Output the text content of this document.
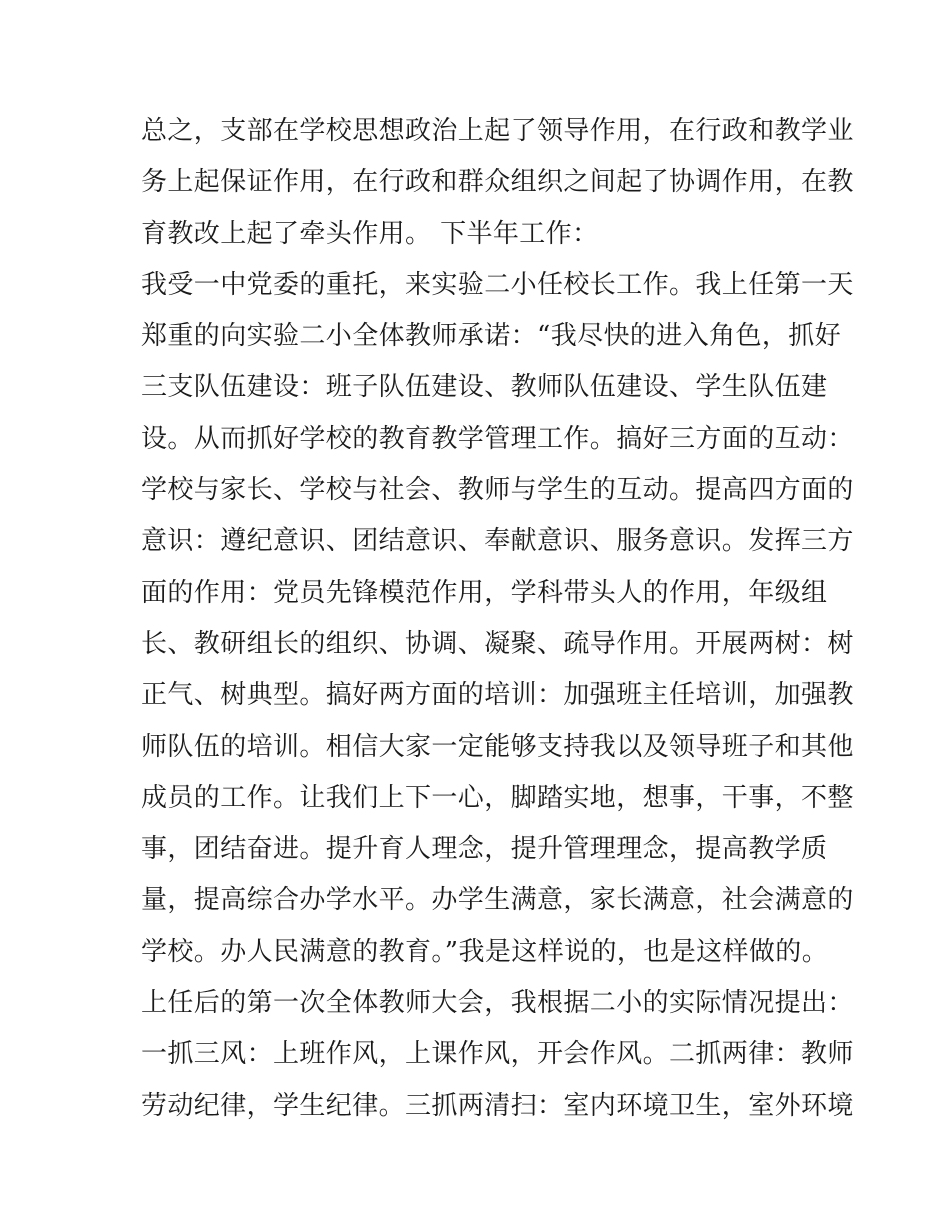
总之，支部在学校思想政治上起了领导作用，在行政和教学业
务上起保证作用，在行政和群众组织之间起了协调作用，在教
育教改上起了牵头作用。 下半年工作：
我受一中党委的重托，来实验二小任校长工作。我上任第一天
郑重的向实验二小全体教师承诺：“我尽快的进入角色，抓好
三支队伍建设：班子队伍建设、教师队伍建设、学生队伍建
设。从而抓好学校的教育教学管理工作。搞好三方面的互动：
学校与家长、学校与社会、教师与学生的互动。提高四方面的
意识：遵纪意识、团结意识、奉献意识、服务意识。发挥三方
面的作用：党员先锋模范作用，学科带头人的作用，年级组
长、教研组长的组织、协调、凝聚、疏导作用。开展两树：树
正气、树典型。搞好两方面的培训：加强班主任培训，加强教
师队伍的培训。相信大家一定能够支持我以及领导班子和其他
成员的工作。让我们上下一心，脚踏实地，想事，干事，不整
事，团结奋进。提升育人理念，提升管理理念，提高教学质
量，提高综合办学水平。办学生满意，家长满意，社会满意的
学校。办人民满意的教育。”我是这样说的，也是这样做的。
上任后的第一次全体教师大会，我根据二小的实际情况提出：
一抓三风：上班作风，上课作风，开会作风。二抓两律：教师
劳动纪律，学生纪律。三抓两清扫：室内环境卫生，室外环境
